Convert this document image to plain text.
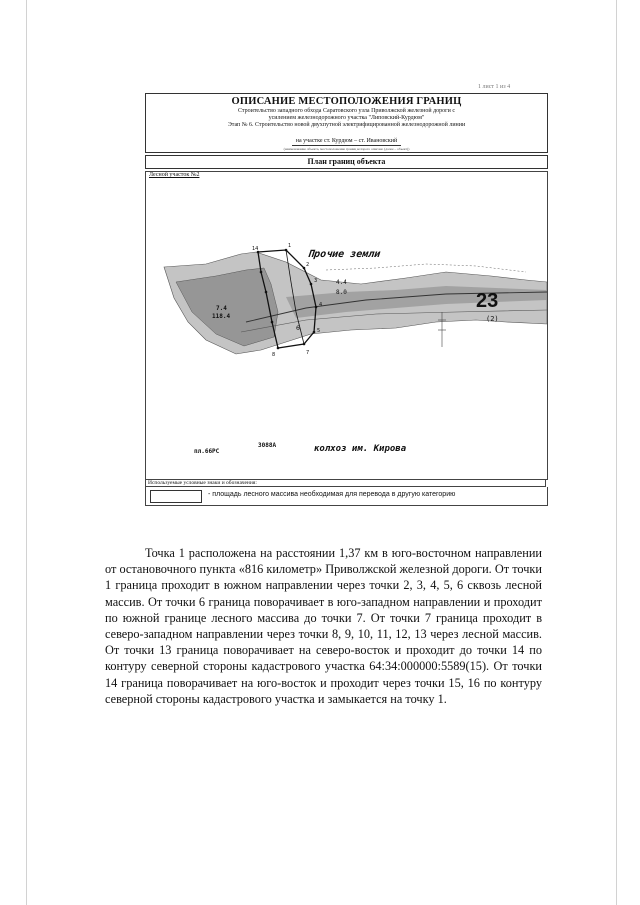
1 лист 1 из 4
ОПИСАНИЕ МЕСТОПОЛОЖЕНИЯ ГРАНИЦ
Строительство западного обхода Саратовского узла Приволжской железной дороги с
усилением железнодорожного участка "Липовский-Курдюм"
Этап № 6. Строительство новой двухпутной электрифицированной железнодорожной линии
на участке ст. Курдюм – ст. Ивановский
(наименование объекта, местоположение границ которого описано (далее – объект))
План границ объекта
4.4
8.0
7.4
118.4
14	1
2
3
4
5
6
7
8
Лесной участок №2
Прочие земли
23
(2)
пл.66РС
3088А	колхоз им. Кирова
Используемые условные знаки и обозначения:
- площадь лесного массива необходимая для перевода в другую категорию

Точка 1 расположена на расстоянии 1,37 км в юго-восточном направлении от остановочного пункта «816 километр» Приволжской железной дороги. От точки 1 граница проходит в южном направлении через точки 2, 3, 4, 5, 6 сквозь лесной массив. От точки 6 граница поворачивает в юго-западном направлении и проходит по южной границе лесного массива до точки 7. От точки 7 граница проходит в северо-западном направлении через точки 8, 9, 10, 11, 12, 13 через лесной массив. От точки 13 граница поворачивает на северо-восток и проходит до точки 14 по контуру северной стороны кадастрового участка 64:34:000000:5589(15). От точки 14 граница поворачивает на юго-восток и проходит через точки 15, 16 по контуру северной стороны кадастрового участка и замыкается на точку 1.
